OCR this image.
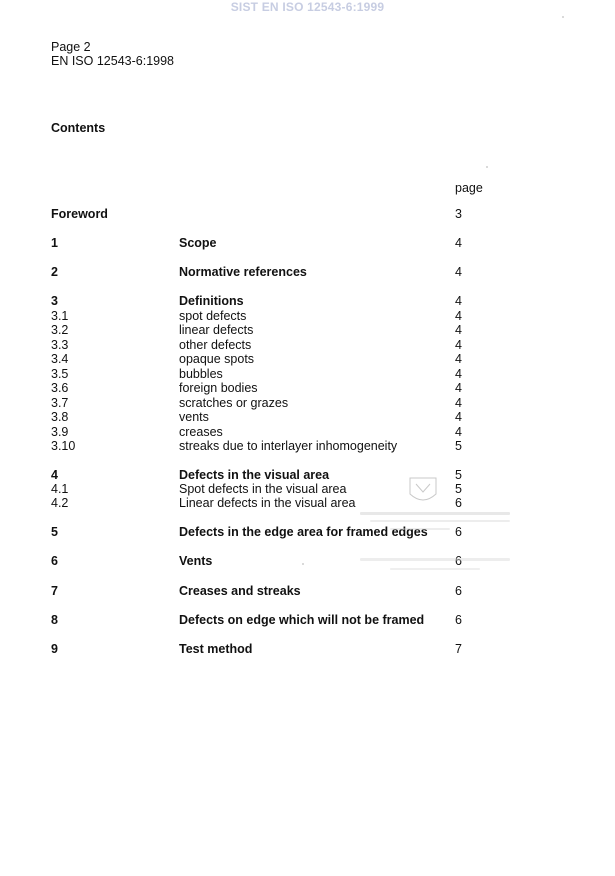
SIST EN ISO 12543-6:1999
Page 2
EN ISO 12543-6:1998
Contents
page
Foreword	3
1	Scope	4
2	Normative references	4
3	Definitions	4
3.1	spot defects	4
3.2	linear defects	4
3.3	other defects	4
3.4	opaque spots	4
3.5	bubbles	4
3.6	foreign bodies	4
3.7	scratches or grazes	4
3.8	vents	4
3.9	creases	4
3.10	streaks due to interlayer inhomogeneity	5
4	Defects in the visual area	5
4.1	Spot defects in the visual area	5
4.2	Linear defects in the visual area	6
5	Defects in the edge area for framed edges 6
6	Vents	6
7	Creases and streaks	6
8	Defects on edge which will not be framed 6
9	Test method	7
